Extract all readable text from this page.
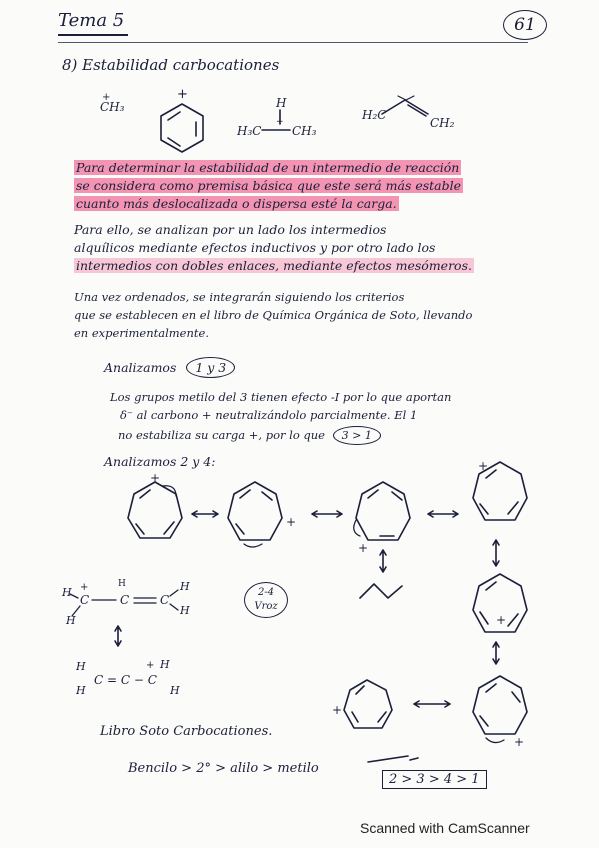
Tema 5	61
8) Estabilidad carbocationes
CH₃	H
H₃C	CH₃
H₂C
CH₂
Para determinar la estabilidad de un intermedio de reacción
se considera como premisa básica que este será más estable
cuanto más deslocalizada o dispersa esté la carga.
Para ello, se analizan por un lado los intermedios
alquílicos mediante efectos inductivos y por otro lado los
intermedios con dobles enlaces, mediante efectos mesómeros.
Una vez ordenados, se integrarán siguiendo los criterios
que se establecen en el libro de Química Orgánica de Soto, llevando
en experimentalmente.
Analizamos 1 y 3
Los grupos metilo del 3 tienen efecto -I por lo que aportan
δ⁻ al carbono + neutralizándolo parcialmente. El 1
no estabiliza su carga +, por lo que 3 > 1
Analizamos 2 y 4:
2-4
Vroz
Libro Soto Carbocationes.
Bencilo > 2° > alilo > metilo
2 > 3 > 4 > 1
Scanned with CamScanner
+
+
+
+
+
+
+
+
+
+
H +
C
H
C
H
C
H
H
H
H
C = C − C
+ H
H
